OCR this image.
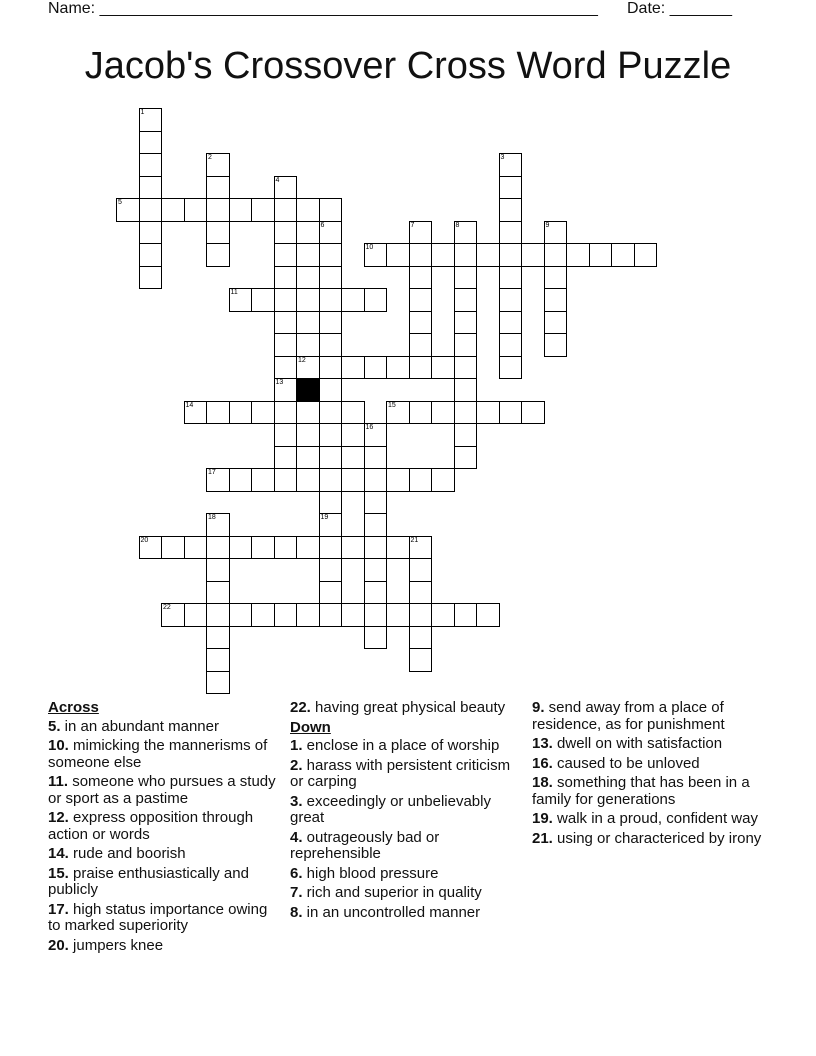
Name: ________________________________________________________ Date: _______
Jacob's Crossover Cross Word Puzzle
1
2	3
4
13
5
6
19
7	8	9
10
11
12
14	15
16
17
18
20	21
22
Across
5. in an abundant manner
10. mimicking the mannerisms of someone else
11. someone who pursues a study or sport as a pastime
12. express opposition through action or words
14. rude and boorish
15. praise enthusiastically and publicly
17. high status importance owing to marked superiority
20. jumpers knee
22. having great physical beauty
Down
1. enclose in a place of worship
2. harass with persistent criticism or carping
3. exceedingly or unbelievably great
4. outrageously bad or reprehensible
6. high blood pressure
7. rich and superior in quality
8. in an uncontrolled manner
9. send away from a place of residence, as for punishment
13. dwell on with satisfaction
16. caused to be unloved
18. something that has been in a family for generations
19. walk in a proud, confident way
21. using or charactericed by irony
